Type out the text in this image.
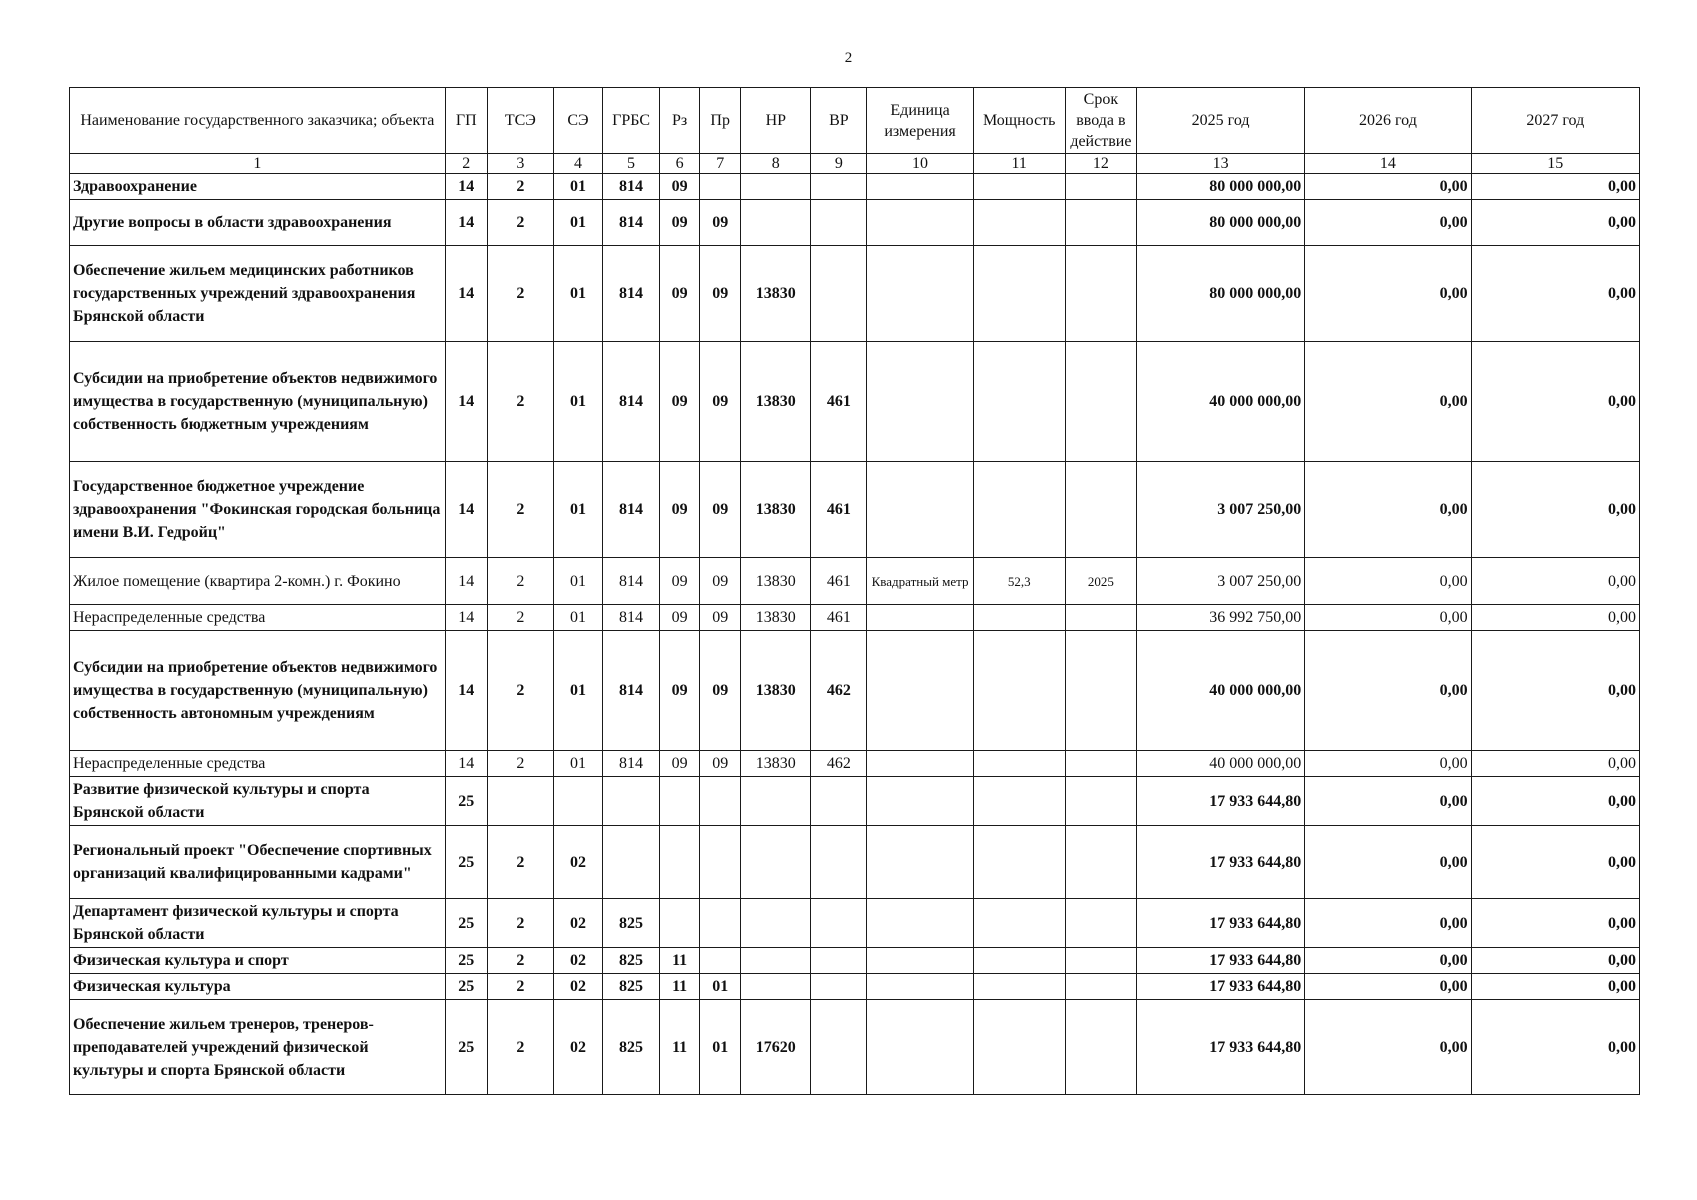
2
Наименование государственного заказчика; объекта	ГП	ТСЭ	СЭ	ГРБС	Рз	Пр	НР	ВР	Единица измерения	Мощность	Срок ввода в действие	2025 год	2026 год	2027 год
1	2	3	4	5	6	7	8	9	10	11	12	13	14	15
Здравоохранение	14	2	01	814	09							80 000 000,00	0,00	0,00
Другие вопросы в области здравоохранения	14	2	01	814	09	09						80 000 000,00	0,00	0,00
Обеспечение жильем медицинских работников государственных учреждений здравоохранения Брянской области	14	2	01	814	09	09	13830					80 000 000,00	0,00	0,00
Субсидии на приобретение объектов недвижимого имущества в государственную (муниципальную) собственность бюджетным учреждениям	14	2	01	814	09	09	13830	461				40 000 000,00	0,00	0,00
Государственное бюджетное учреждение здравоохранения "Фокинская городская больница имени В.И. Гедройц"	14	2	01	814	09	09	13830	461				3 007 250,00	0,00	0,00
Жилое помещение (квартира 2-комн.) г. Фокино	14	2	01	814	09	09	13830	461	Квадратный метр	52,3	2025	3 007 250,00	0,00	0,00
Нераспределенные средства	14	2	01	814	09	09	13830	461				36 992 750,00	0,00	0,00
Субсидии на приобретение объектов недвижимого имущества в государственную (муниципальную) собственность автономным учреждениям	14	2	01	814	09	09	13830	462				40 000 000,00	0,00	0,00
Нераспределенные средства	14	2	01	814	09	09	13830	462				40 000 000,00	0,00	0,00
Развитие физической культуры и спорта Брянской области	25											17 933 644,80	0,00	0,00
Региональный проект "Обеспечение спортивных организаций квалифицированными кадрами"	25	2	02									17 933 644,80	0,00	0,00
Департамент физической культуры и спорта Брянской области	25	2	02	825								17 933 644,80	0,00	0,00
Физическая культура и спорт	25	2	02	825	11							17 933 644,80	0,00	0,00
Физическая культура	25	2	02	825	11	01						17 933 644,80	0,00	0,00
Обеспечение жильем тренеров, тренеров-преподавателей учреждений физической культуры и спорта Брянской области	25	2	02	825	11	01	17620					17 933 644,80	0,00	0,00
